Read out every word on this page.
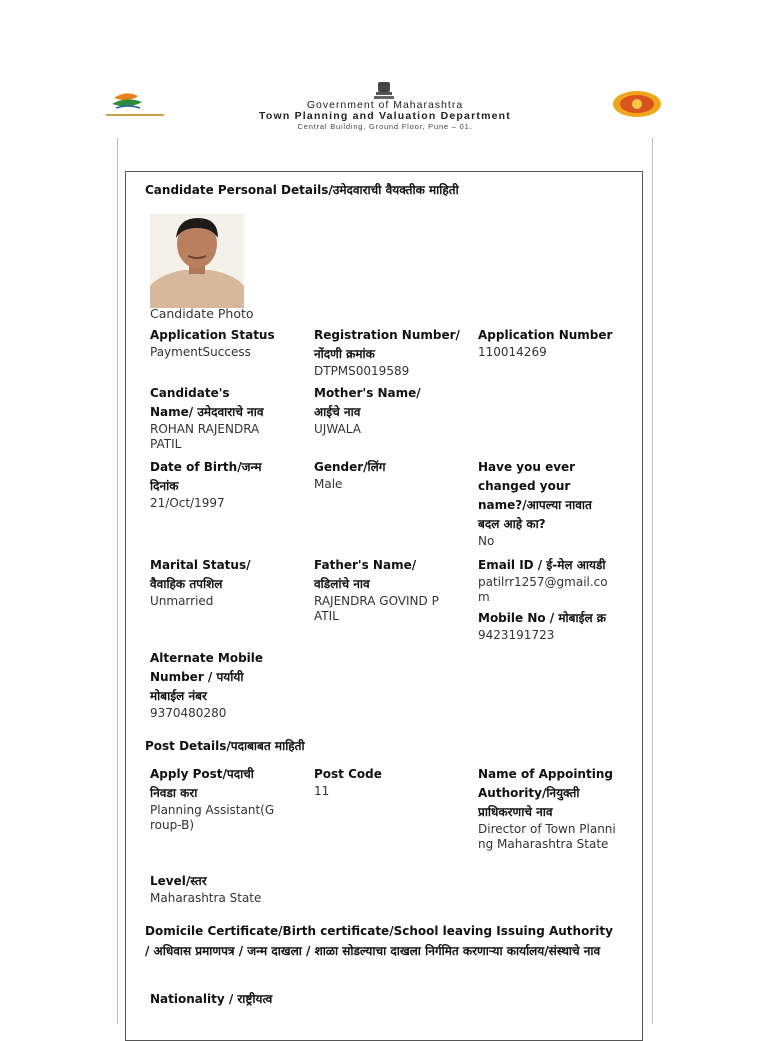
Government of Maharashtra
Town Planning and Valuation Department
Central Building, Ground Floor, Pune – 01.
Candidate Personal Details/उमेदवाराची वैयक्तीक माहिती
Candidate Photo
Application Status
PaymentSuccess
Registration Number/नोंदणी क्रमांक
DTPMS0019589
Application Number
110014269
Candidate's Name/ उमेदवाराचे नाव
ROHAN RAJENDRA PATIL
Mother's Name/ आईचे नाव
UJWALA
Date of Birth/जन्म दिनांक
21/Oct/1997
Gender/लिंग
Male
Have you ever changed your name?/आपल्या नावात बदल आहे का?
No
Marital Status/ वैवाहिक तपशिल
Unmarried
Father's Name/ वडिलांचे नाव
RAJENDRA GOVIND PATIL
Email ID / ई-मेल आयडी
patilrr1257@gmail.com
Mobile No / मोबाईल क्र
9423191723
Alternate Mobile Number / पर्यायी मोबाईल नंबर
9370480280
Post Details/पदाबाबत माहिती
Apply Post/पदाची निवडा करा
Planning Assistant(Group-B)
Post Code
11
Name of Appointing Authority/नियुक्ती प्राधिकरणाचे नाव
Director of Town Planning Maharashtra State
Level/स्तर
Maharashtra State
Domicile Certificate/Birth certificate/School leaving Issuing Authority / अधिवास प्रमाणपत्र / जन्म दाखला / शाळा सोडल्याचा दाखला निर्गमित करणाऱ्या कार्यालय/संस्थाचे नाव
Nationality / राष्ट्रीयत्व
